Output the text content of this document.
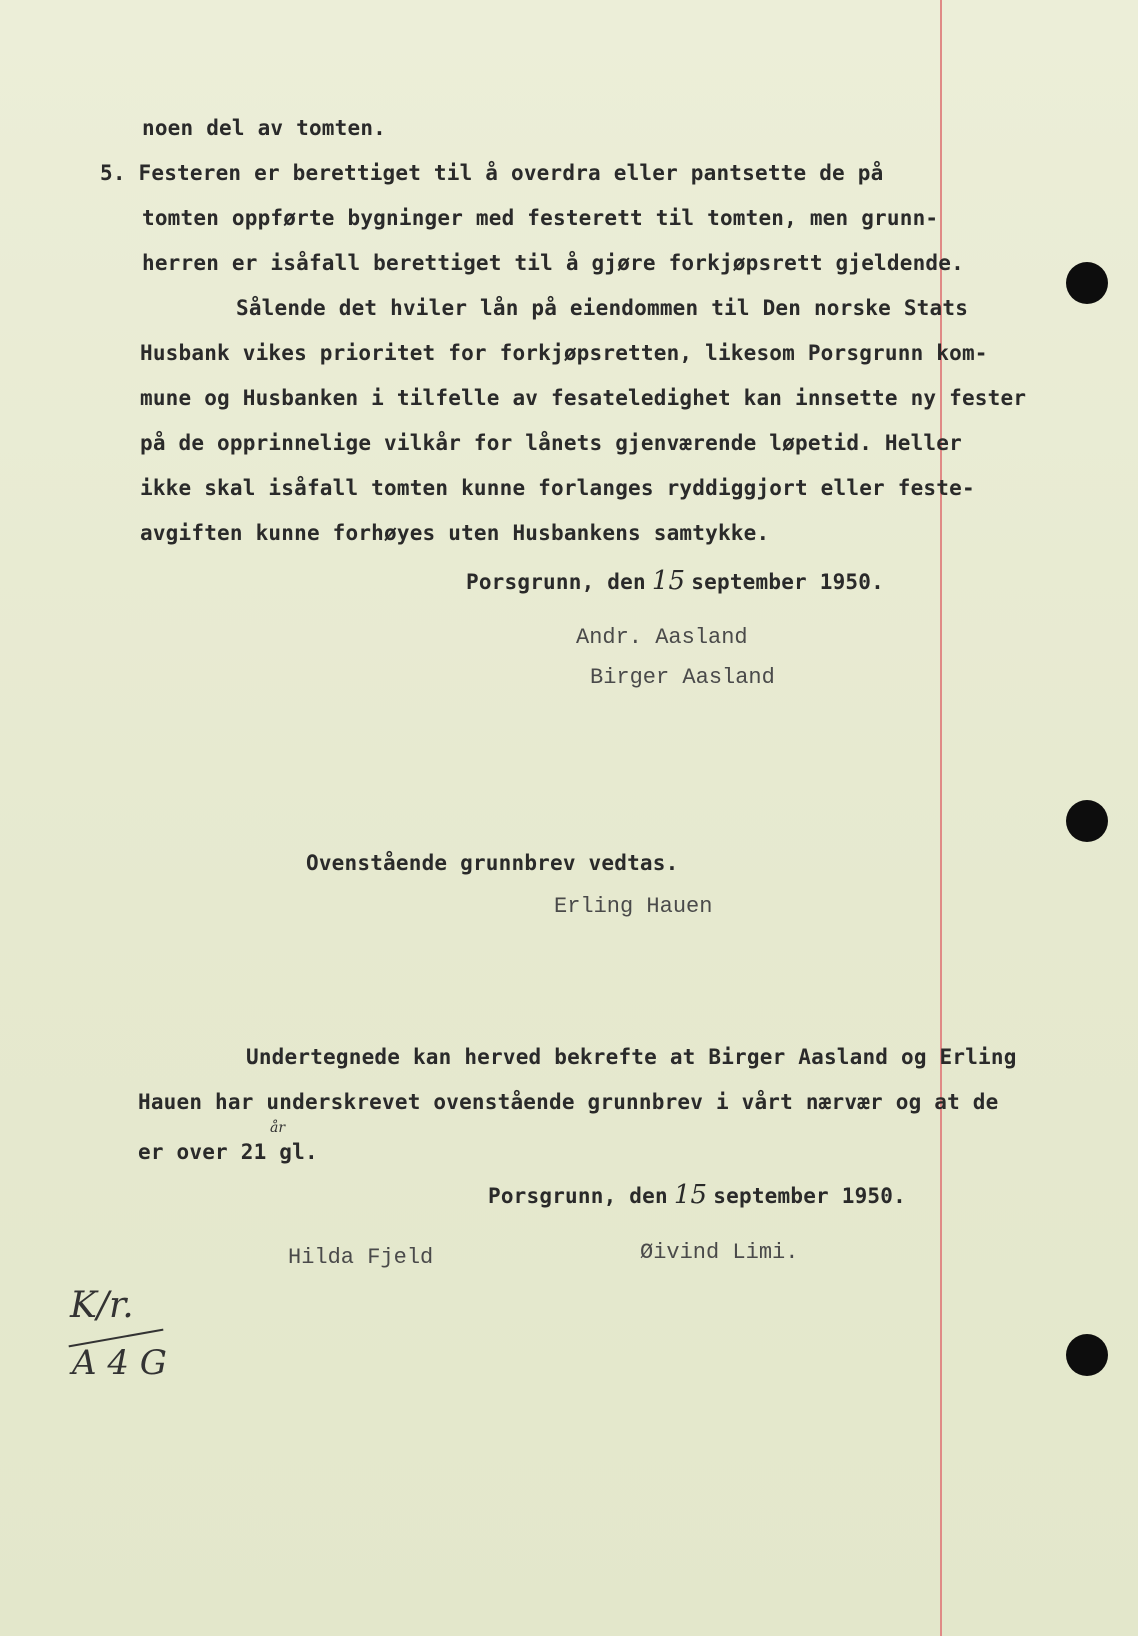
noen del av tomten.

5. Festeren er berettiget til å overdra eller pantsette de på

tomten oppførte bygninger med festerett til tomten, men grunn-

herren er isåfall berettiget til å gjøre forkjøpsrett gjeldende.

Sålende det hviler lån på eiendommen til Den norske Stats

Husbank vikes prioritet for forkjøpsretten, likesom Porsgrunn kom-

mune og Husbanken i tilfelle av fesateledighet kan innsette ny fester

på de opprinnelige vilkår for lånets gjenværende løpetid. Heller

ikke skal isåfall tomten kunne forlanges ryddiggjort eller feste-

avgiften kunne forhøyes uten Husbankens samtykke.

Porsgrunn, den 15 september 1950.

Andr. Aasland

Birger Aasland

Ovenstående grunnbrev vedtas.

Erling Hauen

Undertegnede kan herved bekrefte at Birger Aasland og Erling

Hauen har underskrevet ovenstående grunnbrev i vårt nærvær og at de

er over 21 gl.

år

Porsgrunn, den 15 september 1950.

Hilda Fjeld	Øivind Limi.

K/r.
A 4 G
